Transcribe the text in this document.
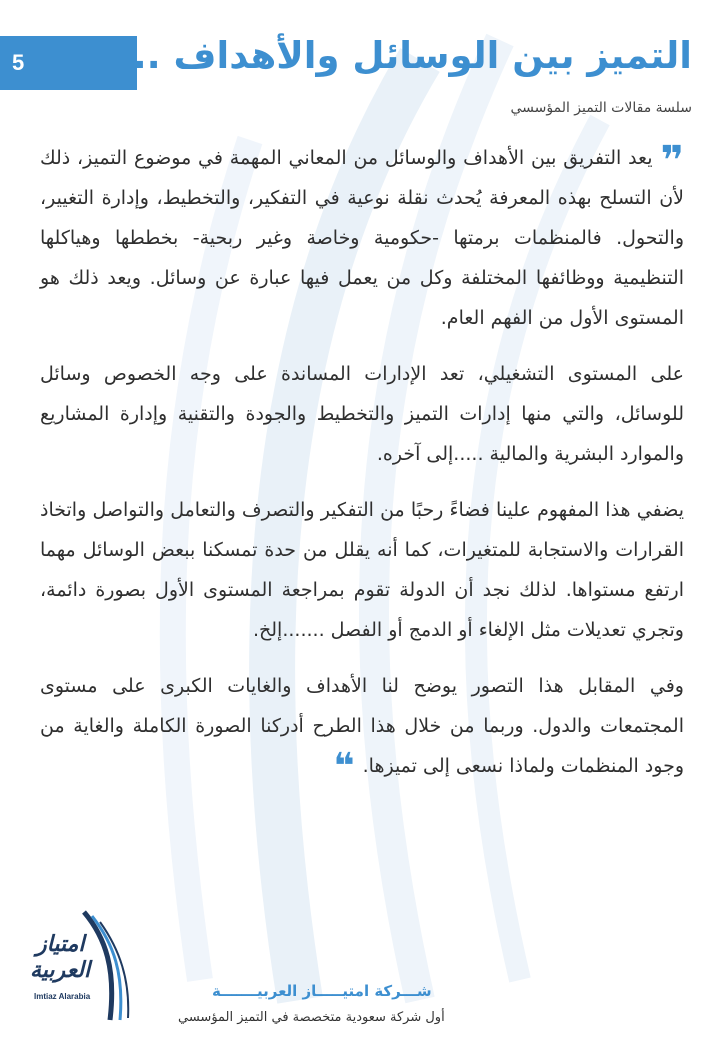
5	التميز بين الوسائل والأهداف ..
سلسة مقالات التميز المؤسسي

❞يعد التفريق بين الأهداف والوسائل من المعاني المهمة في موضوع التميز، ذلك لأن التسلح بهذه المعرفة يُحدث نقلة نوعية في التفكير، والتخطيط، وإدارة التغيير، والتحول. فالمنظمات برمتها -حكومية وخاصة وغير ربحية- بخططها وهياكلها التنظيمية ووظائفها المختلفة وكل من يعمل فيها عبارة عن وسائل. ويعد ذلك هو المستوى الأول من الفهم العام.

على المستوى التشغيلي، تعد الإدارات المساندة على وجه الخصوص وسائل للوسائل، والتي منها إدارات التميز والتخطيط والجودة والتقنية وإدارة المشاريع والموارد البشرية والمالية .....إلى آخره.

يضفي هذا المفهوم علينا فضاءً رحبًا من التفكير والتصرف والتعامل والتواصل واتخاذ القرارات والاستجابة للمتغيرات، كما أنه يقلل من حدة تمسكنا ببعض الوسائل مهما ارتفع مستواها. لذلك نجد أن الدولة تقوم بمراجعة المستوى الأول بصورة دائمة، وتجري تعديلات مثل الإلغاء أو الدمج أو الفصل .......إلخ.

وفي المقابل هذا التصور يوضح لنا الأهداف والغايات الكبرى على مستوى المجتمعات والدول. وربما من خلال هذا الطرح أدركنا الصورة الكاملة والغاية من وجود المنظمات ولماذا نسعى إلى تميزها.❝

امتياز
العربية
Imtiaz Alarabia	شـــركة امتيـــــاز العربيـــــــة
أول شركة سعودية متخصصة في التميز المؤسسي
